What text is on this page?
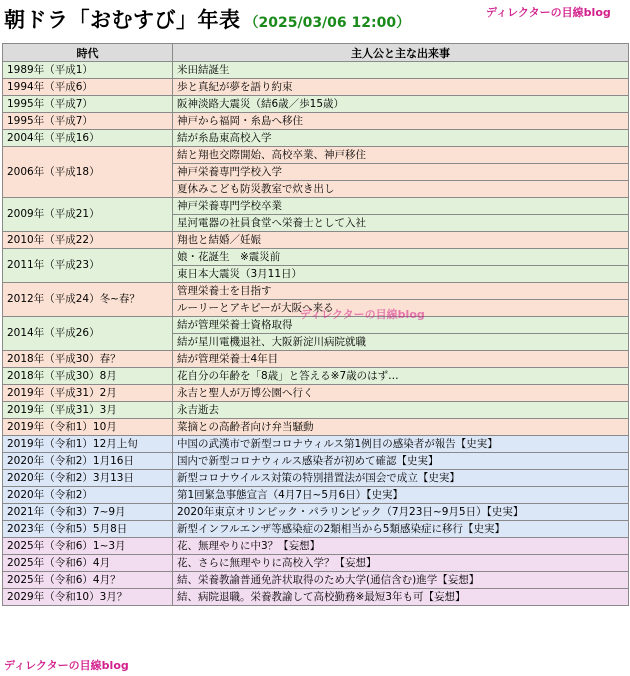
朝ドラ「おむすび」年表 （2025/03/06 12:00）
ディレクターの目線blog
時代	主人公と主な出来事
1989年（平成1）	米田結誕生
1994年（平成6）	歩と真紀が夢を語り約束
1995年（平成7）	阪神淡路大震災（結6歳／歩15歳）
1995年（平成7）	神戸から福岡・糸島へ移住
2004年（平成16）	結が糸島東高校入学
2006年（平成18）	結と翔也交際開始、高校卒業、神戸移住
	神戸栄養専門学校入学
	夏休みこども防災教室で炊き出し
2009年（平成21）	神戸栄養専門学校卒業
	星河電器の社員食堂へ栄養士として入社
2010年（平成22）	翔也と結婚／妊娠
2011年（平成23）	娘・花誕生　※震災前
	東日本大震災（3月11日）
2012年（平成24）冬~春？	管理栄養士を目指す
	ルーリーとアキピーが大阪へ来る
2014年（平成26）	結が管理栄養士資格取得
	結が星川電機退社、大阪新淀川病院就職
2018年（平成30）春？	結が管理栄養士4年目
2018年（平成30）8月	花自分の年齢を「8歳」と答える※7歳のはず…
2019年（平成31）2月	永吉と聖人が万博公園へ行く
2019年（平成31）3月	永吉逝去
2019年（令和1）10月	菜摘との高齢者向け弁当騒動
2019年（令和1）12月上旬	中国の武漢市で新型コロナウィルス第1例目の感染者が報告【史実】
2020年（令和2）1月16日	国内で新型コロナウィルス感染者が初めて確認【史実】
2020年（令和2）3月13日	新型コロナウイルス対策の特別措置法が国会で成立【史実】
2020年（令和2）	第1回緊急事態宣言（4月7日~5月6日）【史実】
2021年（令和3）7~9月	2020年東京オリンピック・パラリンピック（7月23日~9月5日）【史実】
2023年（令和5）5月8日	新型インフルエンザ等感染症の2類相当から5類感染症に移行【史実】
2025年（令和6）1~3月	花、無理やりに中3？【妄想】
2025年（令和6）4月	花、さらに無理やりに高校入学？【妄想】
2025年（令和6）4月？	結、栄養教諭普通免許状取得のため大学(通信含む)進学【妄想】
2029年（令和10）3月？	結、病院退職。栄養教諭して高校勤務※最短3年も可【妄想】
ディレクターの目線blog
ディレクターの目線blog
